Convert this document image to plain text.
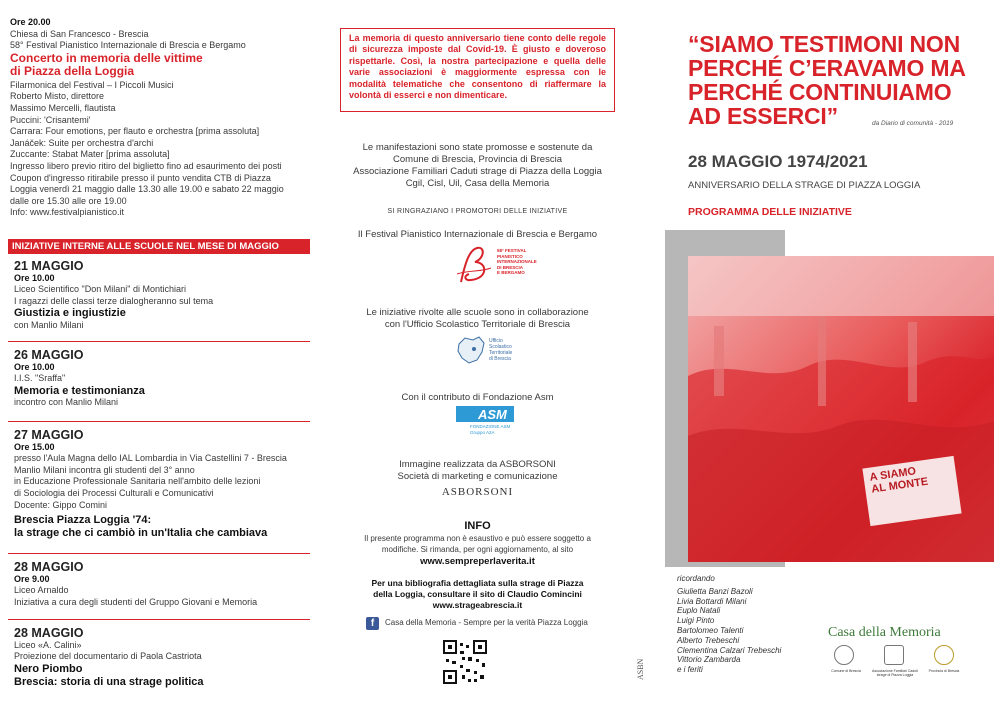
Ore 20.00
Chiesa di San Francesco - Brescia
58° Festival Pianistico Internazionale di Brescia e Bergamo
Concerto in memoria delle vittime
di Piazza della Loggia
Filarmonica del Festival – I Piccoli Musici
Roberto Misto, direttore
Massimo Mercelli, flautista
Puccini: 'Crisantemi'
Carrara: Four emotions, per flauto e orchestra [prima assoluta]
Janáček: Suite per orchestra d'archi
Zuccante: Stabat Mater [prima assoluta]
Ingresso libero previo ritiro del biglietto fino ad esaurimento dei posti
Coupon d'ingresso ritirabile presso il punto vendita CTB di Piazza
Loggia venerdì 21 maggio dalle 13.30 alle 19.00 e sabato 22 maggio
dalle ore 15.30 alle ore 19.00
Info: www.festivalpianistico.it
INIZIATIVE INTERNE ALLE SCUOLE NEL MESE DI MAGGIO
21 MAGGIO
Ore 10.00
Liceo Scientifico "Don Milani" di Montichiari
I ragazzi delle classi terze dialogheranno sul tema
Giustizia e ingiustizie
con Manlio Milani
26 MAGGIO
Ore 10.00
I.I.S. "Sraffa"
Memoria e testimonianza
incontro con Manlio Milani
27 MAGGIO
Ore 15.00
presso l'Aula Magna dello IAL Lombardia in Via Castellini 7 - Brescia
Manlio Milani incontra gli studenti del 3° anno
in Educazione Professionale Sanitaria nell'ambito delle lezioni
di Sociologia dei Processi Culturali e Comunicativi
Docente: Gippo Comini
Brescia Piazza Loggia '74:
la strage che ci cambiò in un'Italia che cambiava
28 MAGGIO
Ore 9.00
Liceo Arnaldo
Iniziativa a cura degli studenti del Gruppo Giovani e Memoria
28 MAGGIO
Liceo «A. Calini»
Proiezione del documentario di Paola Castriota
Nero Piombo
Brescia: storia di una strage politica
La memoria di questo anniversario tiene conto delle regole di sicurezza imposte dal Covid-19. È giusto e doveroso rispettarle. Così, la nostra partecipazione e quella delle varie associazioni è maggiormente espressa con le modalità telematiche che consentono di riaffermare la volontà di esserci e non dimenticare.
Le manifestazioni sono state promosse e sostenute da
Comune di Brescia, Provincia di Brescia
Associazione Familiari Caduti strage di Piazza della Loggia
Cgil, Cisl, Uil, Casa della Memoria
SI RINGRAZIANO I PROMOTORI DELLE INIZIATIVE
Il Festival Pianistico Internazionale di Brescia e Bergamo
58° FESTIVAL
PIANISTICO
INTERNAZIONALE
DI BRESCIA
E BERGAMO
Le iniziative rivolte alle scuole sono in collaborazione
con l'Ufficio Scolastico Territoriale di Brescia
Ufficio
Scolastico
Territoriale
di Brescia
Con il contributo di Fondazione Asm
ASM
FONDAZIONE ASM
Gruppo A2A
Immagine realizzata da ASBORSONI
Società di marketing e comunicazione
ASBORSONI
INFO
Il presente programma non è esaustivo e può essere soggetto a
modifiche. Si rimanda, per ogni aggiornamento, al sito
www.sempreperlaverita.it
Per una bibliografia dettagliata sulla strage di Piazza
della Loggia, consultare il sito di Claudio Comincini
www.strageabrescia.it
f	Casa della Memoria - Sempre per la verità Piazza Loggia
ASBN
“SIAMO TESTIMONI NON
PERCHÉ C’ERAVAMO MA
PERCHÉ CONTINUIAMO
AD ESSERCI”	da Diario di comunità - 2019
28 MAGGIO 1974/2021
ANNIVERSARIO DELLA STRAGE DI PIAZZA LOGGIA
PROGRAMMA DELLE INIZIATIVE
A SIAMO
AL MONTE
ricordando
Giulietta Banzi Bazoli
Livia Bottardi Milani
Euplo Natali
Luigi Pinto
Bartolomeo Talenti
Alberto Trebeschi
Clementina Calzari Trebeschi
Vittorio Zambarda
e i feriti
Casa della Memoria
Comune di Brescia	Associazione Familiari Caduti strage di Piazza Loggia
Provincia di Brescia
